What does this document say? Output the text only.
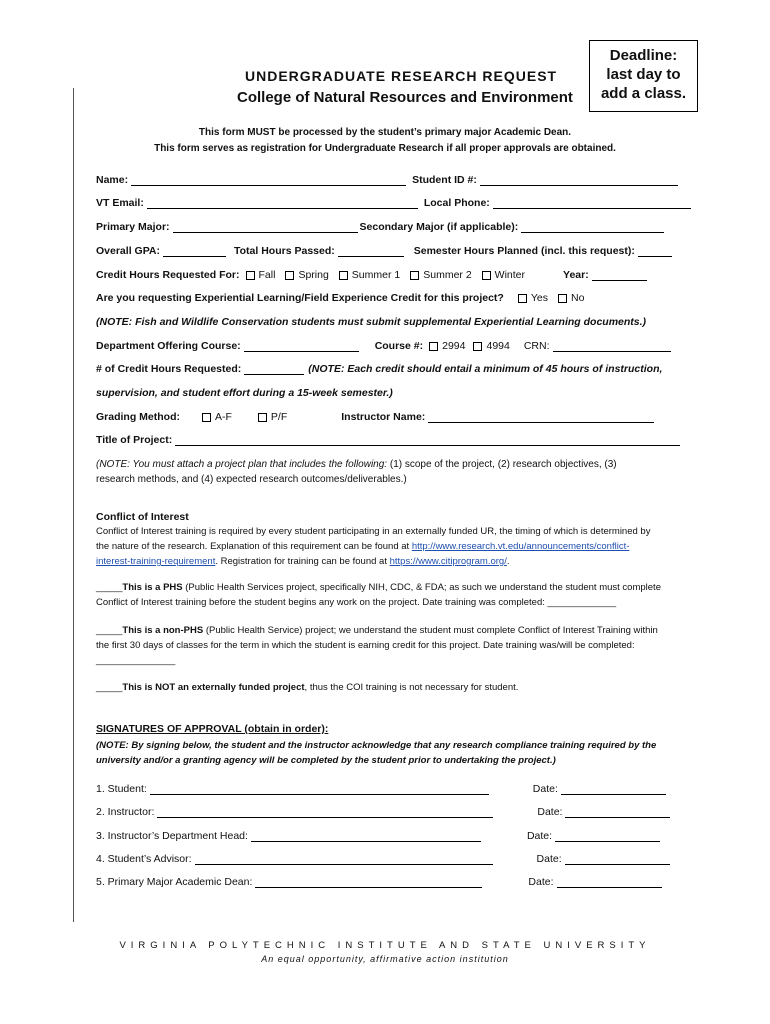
UNDERGRADUATE RESEARCH REQUEST
College of Natural Resources and Environment
Deadline:
last day to
add a class.
This form MUST be processed by the student’s primary major Academic Dean.
This form serves as registration for Undergraduate Research if all proper approvals are obtained.
Name:	Student ID #:
VT Email:	Local Phone:
Primary Major:	Secondary Major (if applicable):
Overall GPA:	Total Hours Passed:	Semester Hours Planned (incl. this request):
Credit Hours Requested For: Fall Spring Summer 1 Summer 2 Winter	Year:
Are you requesting Experiential Learning/Field Experience Credit for this project?	Yes No
(NOTE: Fish and Wildlife Conservation students must submit supplemental Experiential Learning documents.)
Department Offering Course:	Course #: 2994 4994 CRN:
# of Credit Hours Requested:	(NOTE: Each credit should entail a minimum of 45 hours of instruction,
supervision, and student effort during a 15-week semester.)
Grading Method:	A-F	P/F	Instructor Name:
Title of Project:
(NOTE: You must attach a project plan that includes the following: (1) scope of the project, (2) research objectives, (3)
research methods, and (4) expected research outcomes/deliverables.)
Conflict of Interest
Conflict of Interest training is required by every student participating in an externally funded UR, the timing of which is determined by
the nature of the research. Explanation of this requirement can be found at http://www.research.vt.edu/announcements/conflict-
interest-training-requirement. Registration for training can be found at https://www.citiprogram.org/.
_____This is a PHS (Public Health Services project, specifically NIH, CDC, & FDA; as such we understand the student must complete
Conflict of Interest training before the student begins any work on the project. Date training was completed: _____________
_____This is a non-PHS (Public Health Service) project; we understand the student must complete Conflict of Interest Training within
the first 30 days of classes for the term in which the student is earning credit for this project. Date training was/will be completed:
_______________
_____This is NOT an externally funded project, thus the COI training is not necessary for student.
SIGNATURES OF APPROVAL (obtain in order):
(NOTE: By signing below, the student and the instructor acknowledge that any research compliance training required by the
university and/or a granting agency will be completed by the student prior to undertaking the project.)
1. Student:	Date:
2. Instructor:	Date:
3. Instructor’s Department Head:	Date:
4. Student’s Advisor:	Date:
5. Primary Major Academic Dean:	Date:
VIRGINIA POLYTECHNIC INSTITUTE AND STATE UNIVERSITY
An equal opportunity, affirmative action institution
